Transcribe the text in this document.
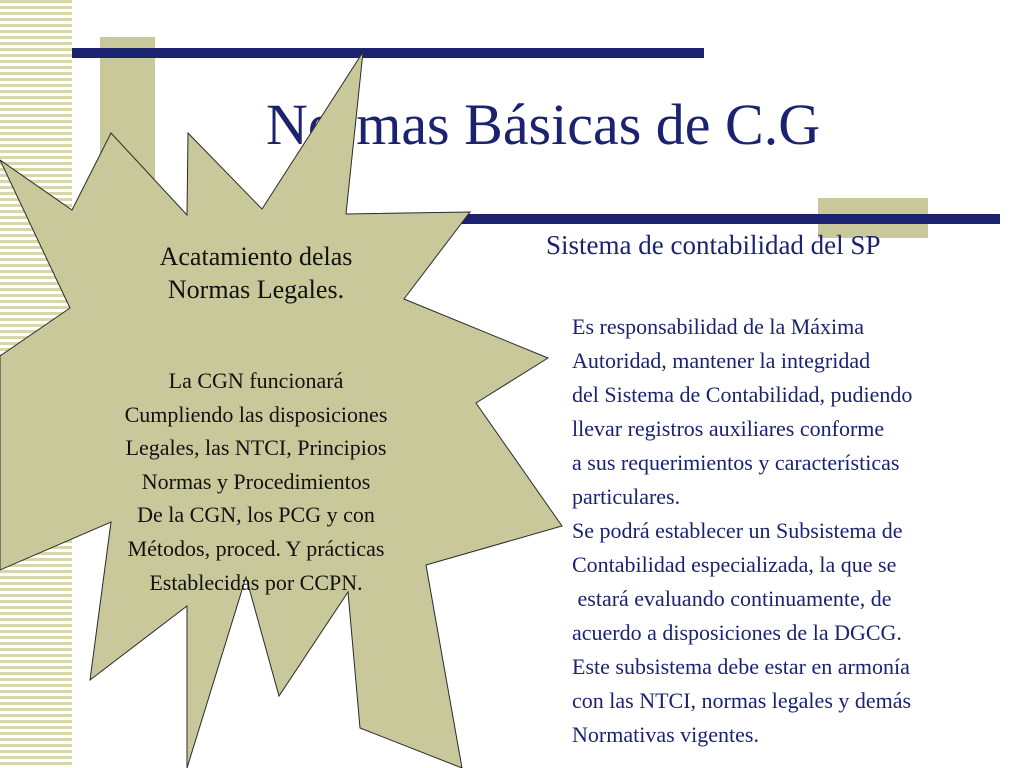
Normas Básicas de C.G
Acatamiento delas
Normas Legales.
La CGN funcionará
Cumpliendo las disposiciones
Legales, las NTCI, Principios
Normas y Procedimientos
De la CGN, los PCG y con
Métodos, proced. Y prácticas
Establecidas por CCPN.
Sistema de contabilidad del SP
Es responsabilidad de la Máxima
Autoridad, mantener la integridad
del Sistema de Contabilidad, pudiendo
llevar registros auxiliares conforme
a sus requerimientos y características
particulares.
Se podrá establecer un Subsistema de
Contabilidad especializada, la que se
estará evaluando continuamente, de
acuerdo a disposiciones de la DGCG.
Este subsistema debe estar en armonía
con las NTCI, normas legales y demás
Normativas vigentes.
